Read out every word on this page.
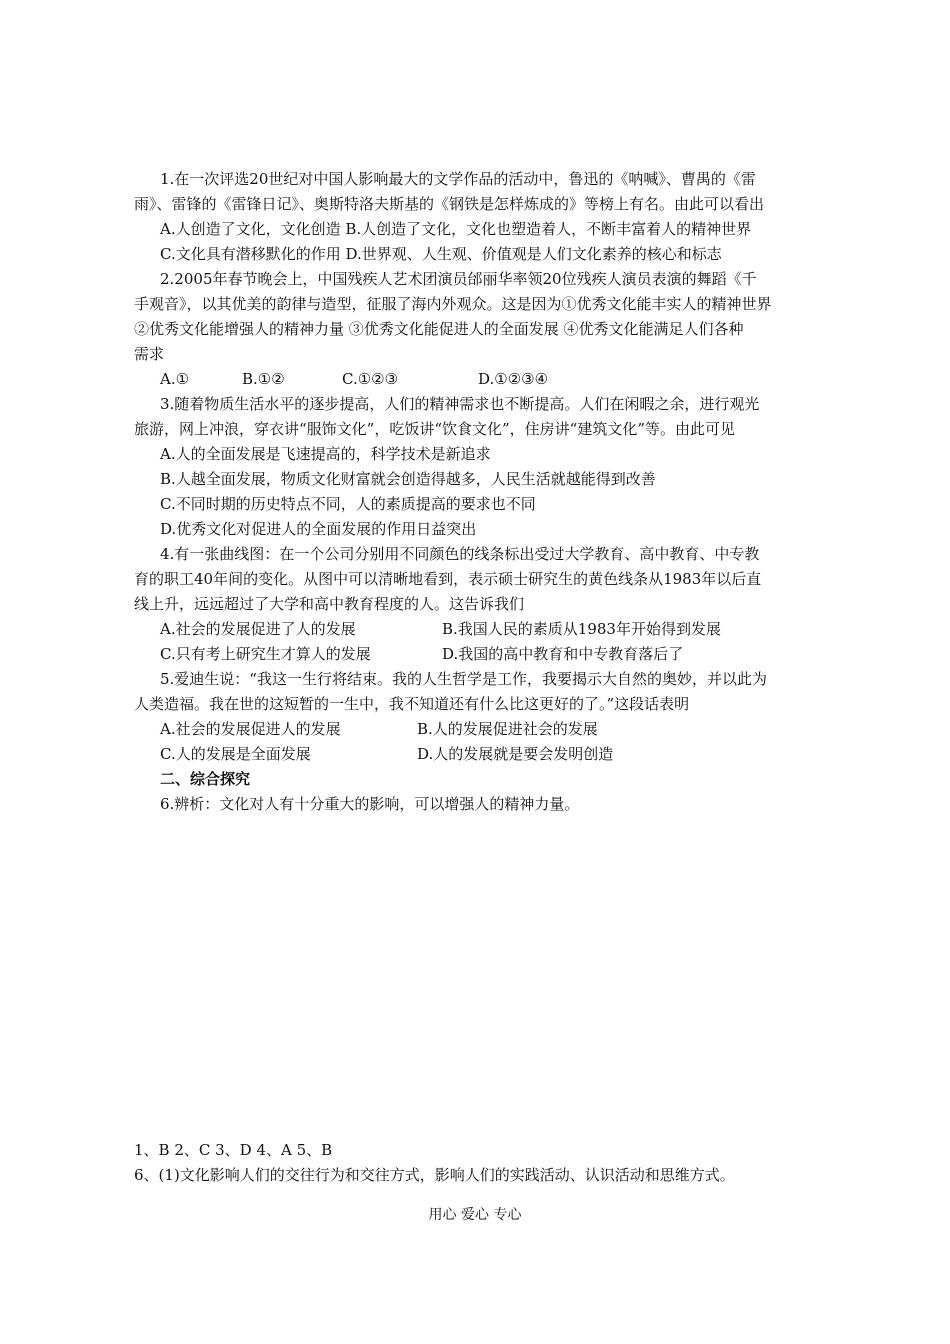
1.在一次评选20世纪对中国人影响最大的文学作品的活动中，鲁迅的《呐喊》、曹禺的《雷
雨》、雷锋的《雷锋日记》、奥斯特洛夫斯基的《钢铁是怎样炼成的》等榜上有名。由此可以看出
A.人创造了文化，文化创造 B.人创造了文化，文化也塑造着人，不断丰富着人的精神世界
C.文化具有潜移默化的作用 D.世界观、人生观、价值观是人们文化素养的核心和标志
2.2005年春节晚会上，中国残疾人艺术团演员邰丽华率领20位残疾人演员表演的舞蹈《千
手观音》，以其优美的韵律与造型，征服了海内外观众。这是因为①优秀文化能丰实人的精神世界
②优秀文化能增强人的精神力量 ③优秀文化能促进人的全面发展 ④优秀文化能满足人们各种
需求
A.①	B.①②	C.①②③	D.①②③④
3.随着物质生活水平的逐步提高，人们的精神需求也不断提高。人们在闲暇之余，进行观光
旅游，网上冲浪，穿衣讲“服饰文化”，吃饭讲“饮食文化”，住房讲“建筑文化”等。由此可见
A.人的全面发展是飞速提高的，科学技术是新追求
B.人越全面发展，物质文化财富就会创造得越多，人民生活就越能得到改善
C.不同时期的历史特点不同，人的素质提高的要求也不同
D.优秀文化对促进人的全面发展的作用日益突出
4.有一张曲线图：在一个公司分别用不同颜色的线条标出受过大学教育、高中教育、中专教
育的职工40年间的变化。从图中可以清晰地看到，表示硕士研究生的黄色线条从1983年以后直
线上升，远远超过了大学和高中教育程度的人。这告诉我们
A.社会的发展促进了人的发展	B.我国人民的素质从1983年开始得到发展
C.只有考上研究生才算人的发展	D.我国的高中教育和中专教育落后了
5.爱迪生说：“我这一生行将结束。我的人生哲学是工作，我要揭示大自然的奥妙，并以此为
人类造福。我在世的这短暂的一生中，我不知道还有什么比这更好的了。”这段话表明
A.社会的发展促进人的发展	B.人的发展促进社会的发展
C.人的发展是全面发展	D.人的发展就是要会发明创造
二、综合探究
6.辨析：文化对人有十分重大的影响，可以增强人的精神力量。
1、B 2、C 3、D 4、A 5、B
6、(1)文化影响人们的交往行为和交往方式，影响人们的实践活动、认识活动和思维方式。
用心 爱心 专心
